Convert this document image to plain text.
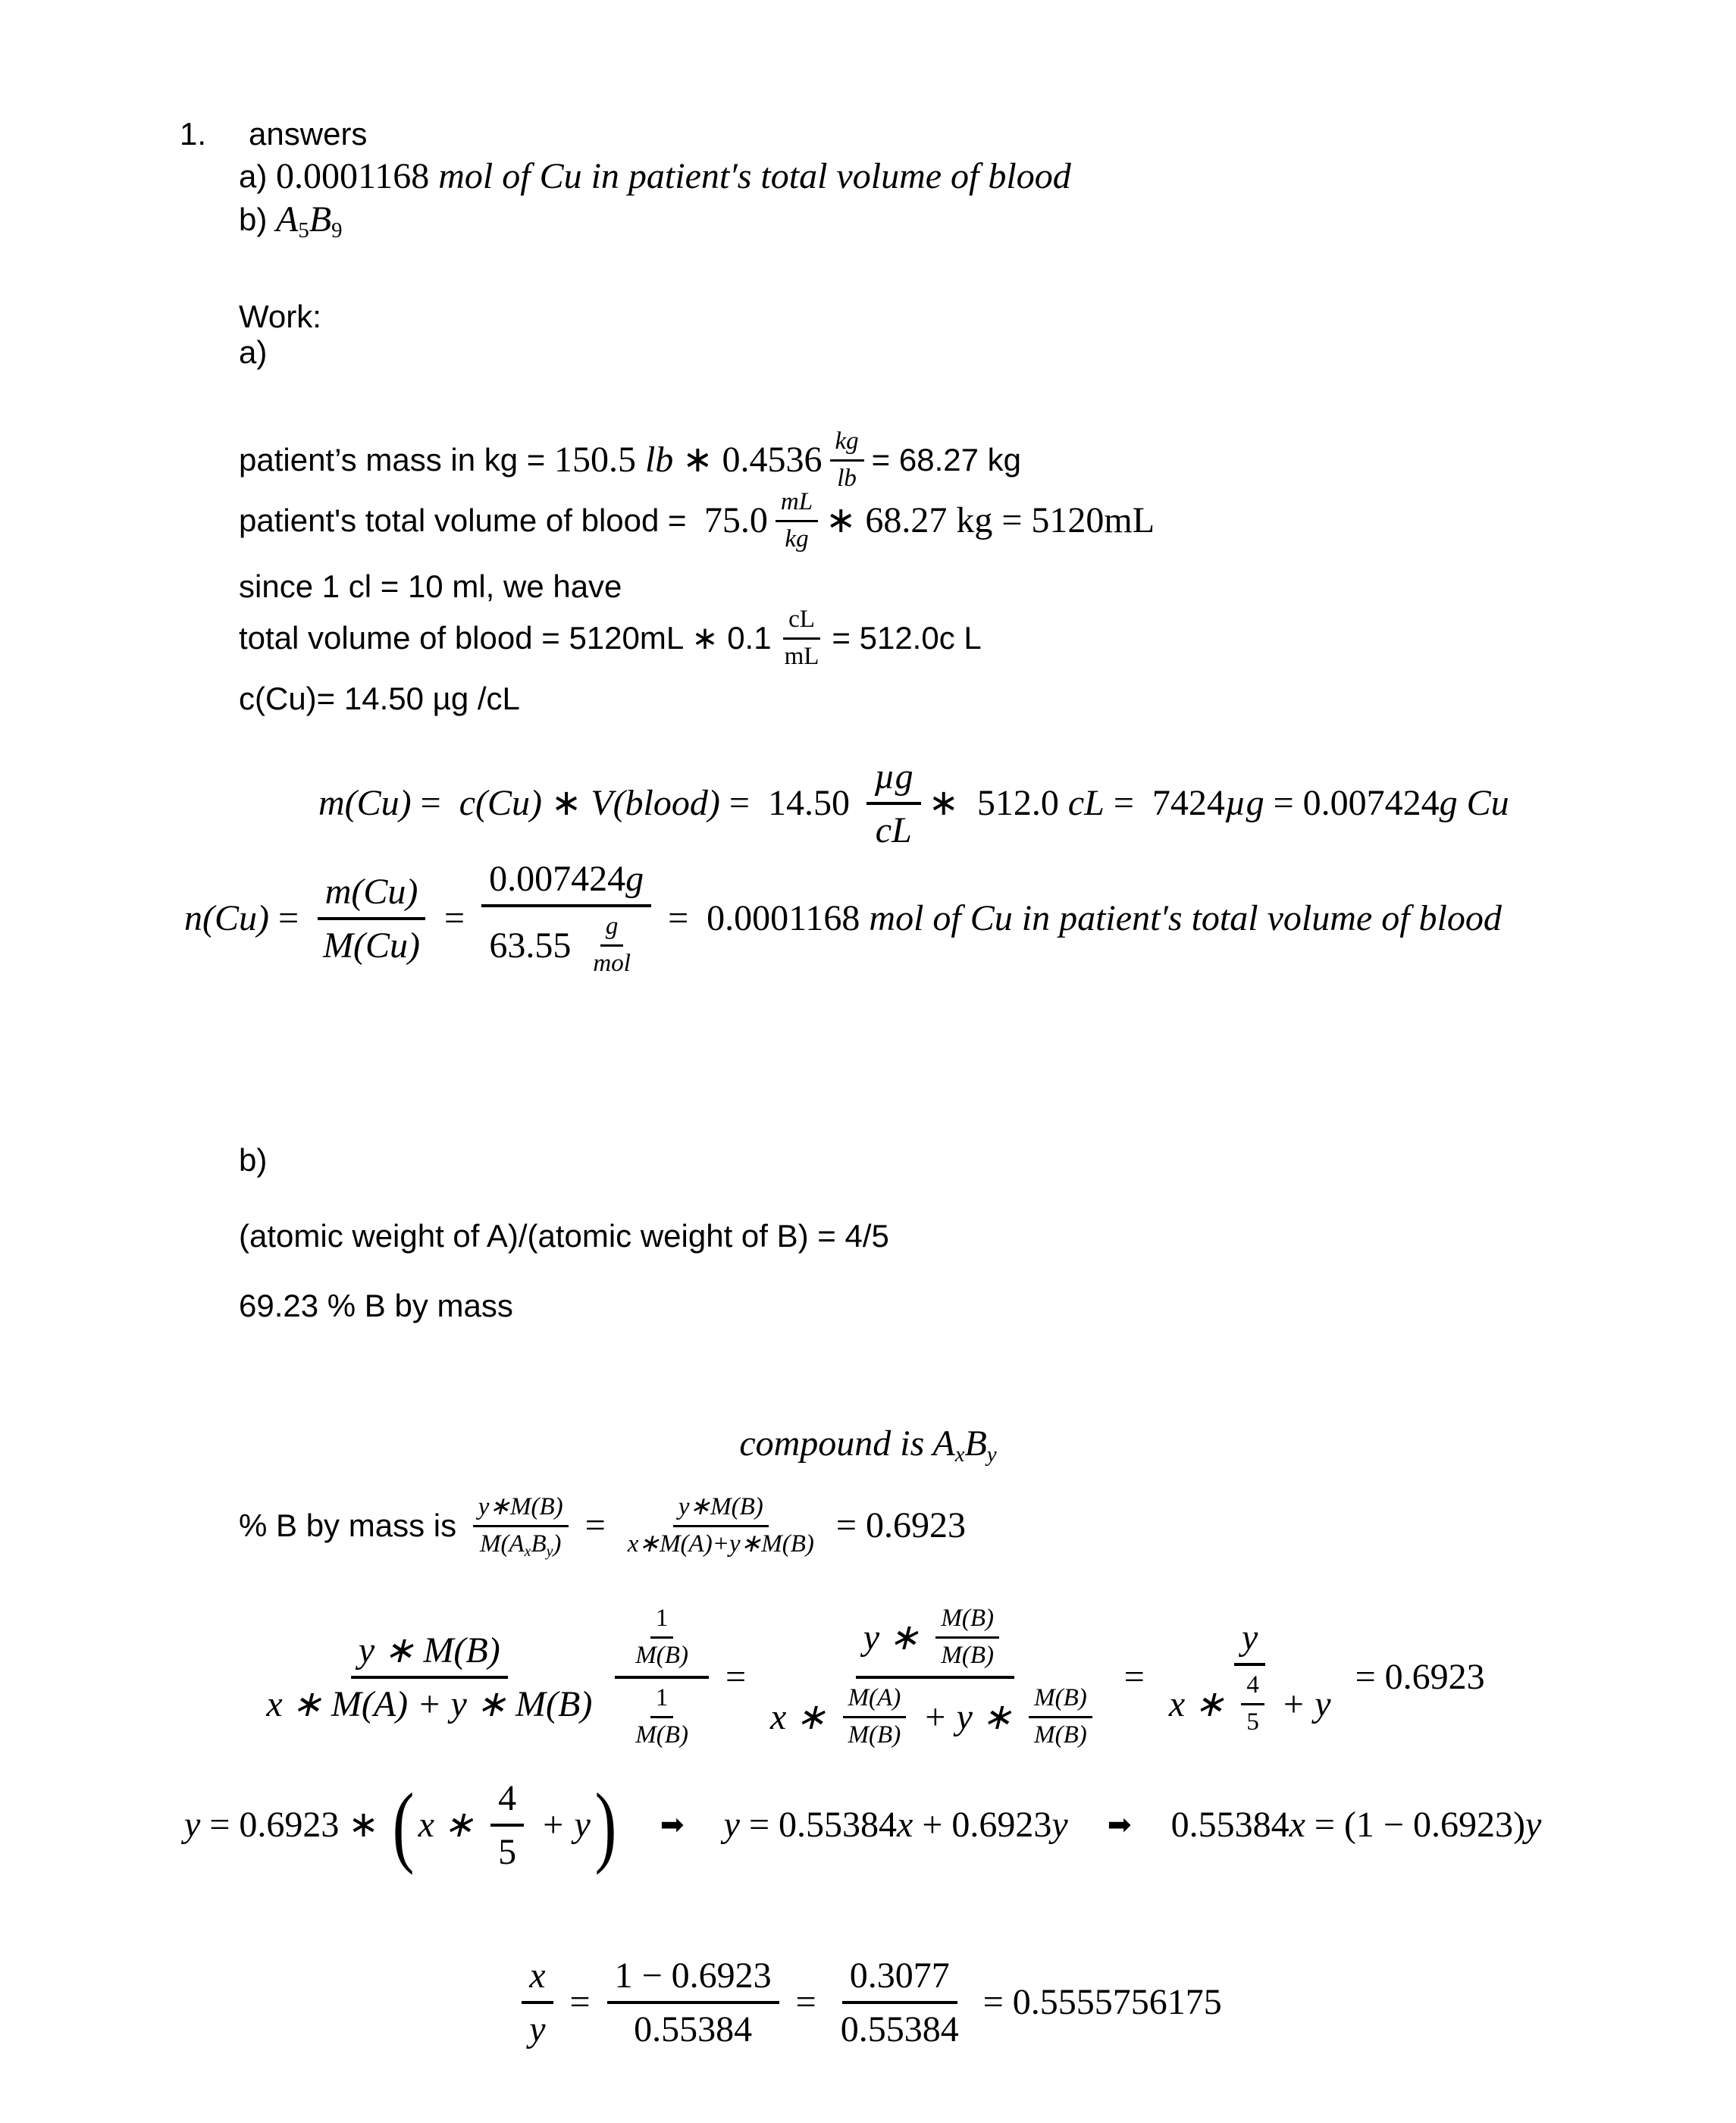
1. answers
a) 0.0001168 mol of Cu in patient′s total volume of blood
b) A 5 B 9
Work:
a)
patient’s mass in kg = 150.5 lb ∗ $0.4536 \frac{kg}{lb} = 68.27$ kg
patient's total volume of blood = $75.0 \frac{mL}{kg}$ ∗ 68.27 kg = 5120mL
since 1 cl = 10 ml, we have
total volume of blood = 5120mL ∗ $0.1 \frac{cL}{mL} = 512.0c$ L
c(Cu)= 14.50 µg /cL
m(Cu) = c(Cu) ∗ V(blood) =  14.50
µg
cL
∗  512.0 cL =  7424 µg = 0.007424 g Cu
$n(Cu) = \frac{m(Cu)}{M(Cu)}$ =
0.007424 g
63.55 g
mol
=  0.0001168 mol of Cu in patient′s total volume of blood
b)
(atomic weight of A)/(atomic weight of B) = 4/5
69.23 % B by mass
compound is A x B y
% B by mass is $\frac{y∗M(B)}{\text{M(A x B y )}} = \frac{y∗M(B)}{x∗M(A)+y∗M(B)} = 0.6923$
$\frac{y ∗ M(B)}{x ∗ M(A) + y ∗ M(B)} \frac{\frac{1}{M(B)}}{\frac{1}{M(B)}}$ =
y ∗ $\frac{M(B)}{M(B)}$
x ∗ $\frac{M(A)}{M(B)} + y$ ∗ $\frac{M(B)}{M(B)}$
=
y
x ∗ $\frac{4}{5} + y$
= 0.6923
y = 0.6923 ∗ ( x ∗ $\frac{4}{5} + y$ ) ➡ y = 0.55384 x + 0.6923 y ➡ 0.55384 x = (1 − 0.6923) y
$\frac{x}{y} = \frac{1 - 0.6923}{0.55384} = \frac{0.3077}{0.55384} = 0.5555756175$
